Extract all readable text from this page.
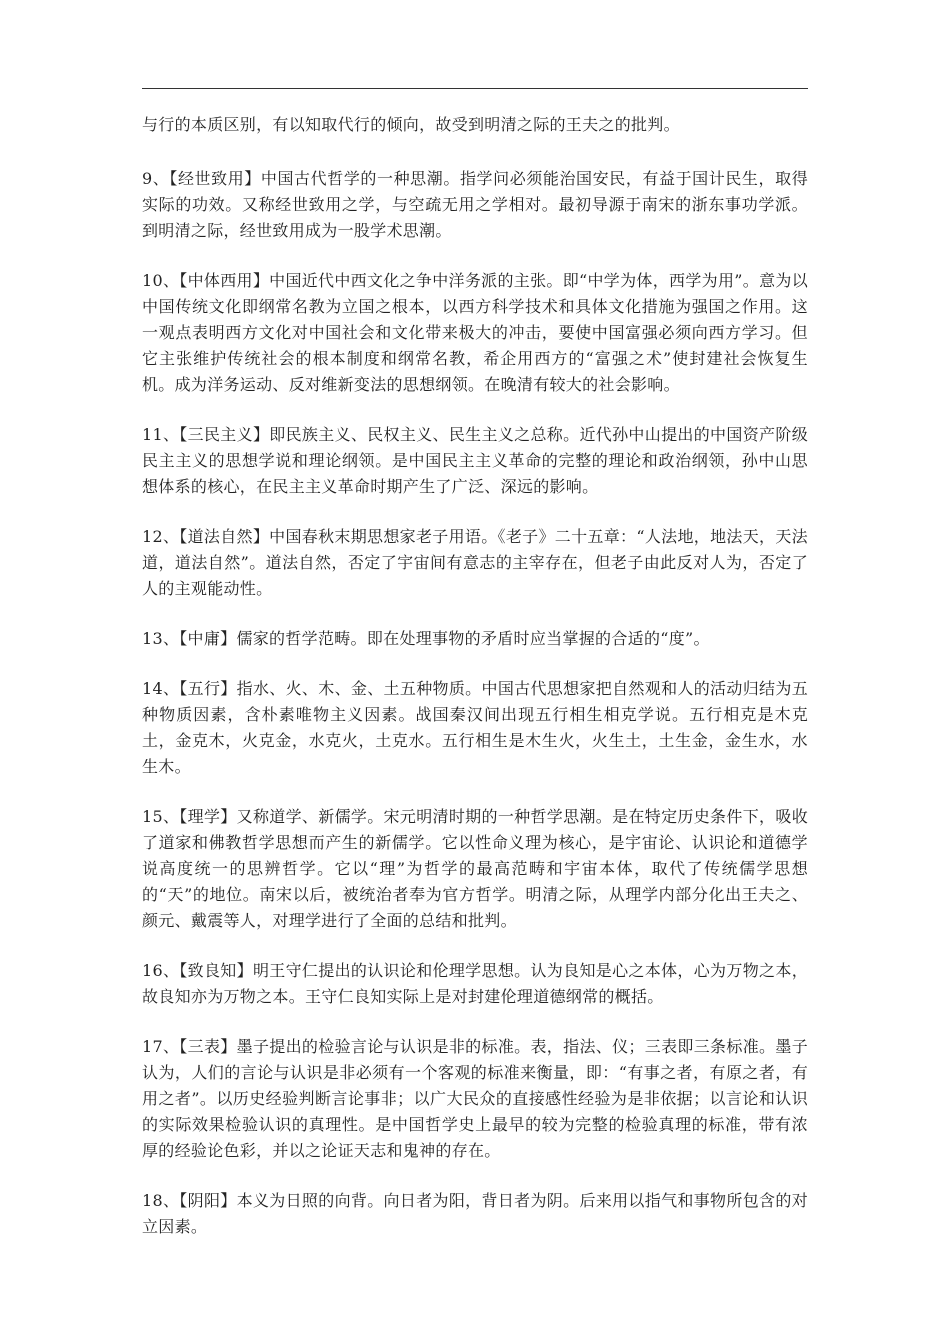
与行的本质区别，有以知取代行的倾向，故受到明清之际的王夫之的批判。

9、【经世致用】中国古代哲学的一种思潮。指学问必须能治国安民，有益于国计民生，取得实际的功效。又称经世致用之学，与空疏无用之学相对。最初导源于南宋的浙东事功学派。到明清之际，经世致用成为一股学术思潮。

10、【中体西用】中国近代中西文化之争中洋务派的主张。即“中学为体，西学为用”。意为以中国传统文化即纲常名教为立国之根本，以西方科学技术和具体文化措施为强国之作用。这一观点表明西方文化对中国社会和文化带来极大的冲击，要使中国富强必须向西方学习。但它主张维护传统社会的根本制度和纲常名教，希企用西方的“富强之术”使封建社会恢复生机。成为洋务运动、反对维新变法的思想纲领。在晚清有较大的社会影响。

11、【三民主义】即民族主义、民权主义、民生主义之总称。近代孙中山提出的中国资产阶级民主主义的思想学说和理论纲领。是中国民主主义革命的完整的理论和政治纲领，孙中山思想体系的核心，在民主主义革命时期产生了广泛、深远的影响。

12、【道法自然】中国春秋末期思想家老子用语。《老子》二十五章：“人法地，地法天，天法道，道法自然”。道法自然，否定了宇宙间有意志的主宰存在，但老子由此反对人为，否定了人的主观能动性。

13、【中庸】儒家的哲学范畴。即在处理事物的矛盾时应当掌握的合适的“度”。

14、【五行】指水、火、木、金、土五种物质。中国古代思想家把自然观和人的活动归结为五种物质因素，含朴素唯物主义因素。战国秦汉间出现五行相生相克学说。五行相克是木克土，金克木，火克金，水克火，土克水。五行相生是木生火，火生土，土生金，金生水，水生木。

15、【理学】又称道学、新儒学。宋元明清时期的一种哲学思潮。是在特定历史条件下，吸收了道家和佛教哲学思想而产生的新儒学。它以性命义理为核心，是宇宙论、认识论和道德学说高度统一的思辨哲学。它以“理”为哲学的最高范畴和宇宙本体，取代了传统儒学思想的“天”的地位。南宋以后，被统治者奉为官方哲学。明清之际，从理学内部分化出王夫之、颜元、戴震等人，对理学进行了全面的总结和批判。

16、【致良知】明王守仁提出的认识论和伦理学思想。认为良知是心之本体，心为万物之本，故良知亦为万物之本。王守仁良知实际上是对封建伦理道德纲常的概括。

17、【三表】墨子提出的检验言论与认识是非的标准。表，指法、仪；三表即三条标准。墨子认为，人们的言论与认识是非必须有一个客观的标准来衡量，即：“有事之者，有原之者，有用之者”。以历史经验判断言论事非；以广大民众的直接感性经验为是非依据；以言论和认识的实际效果检验认识的真理性。是中国哲学史上最早的较为完整的检验真理的标准，带有浓厚的经验论色彩，并以之论证天志和鬼神的存在。

18、【阴阳】本义为日照的向背。向日者为阳，背日者为阴。后来用以指气和事物所包含的对立因素。
